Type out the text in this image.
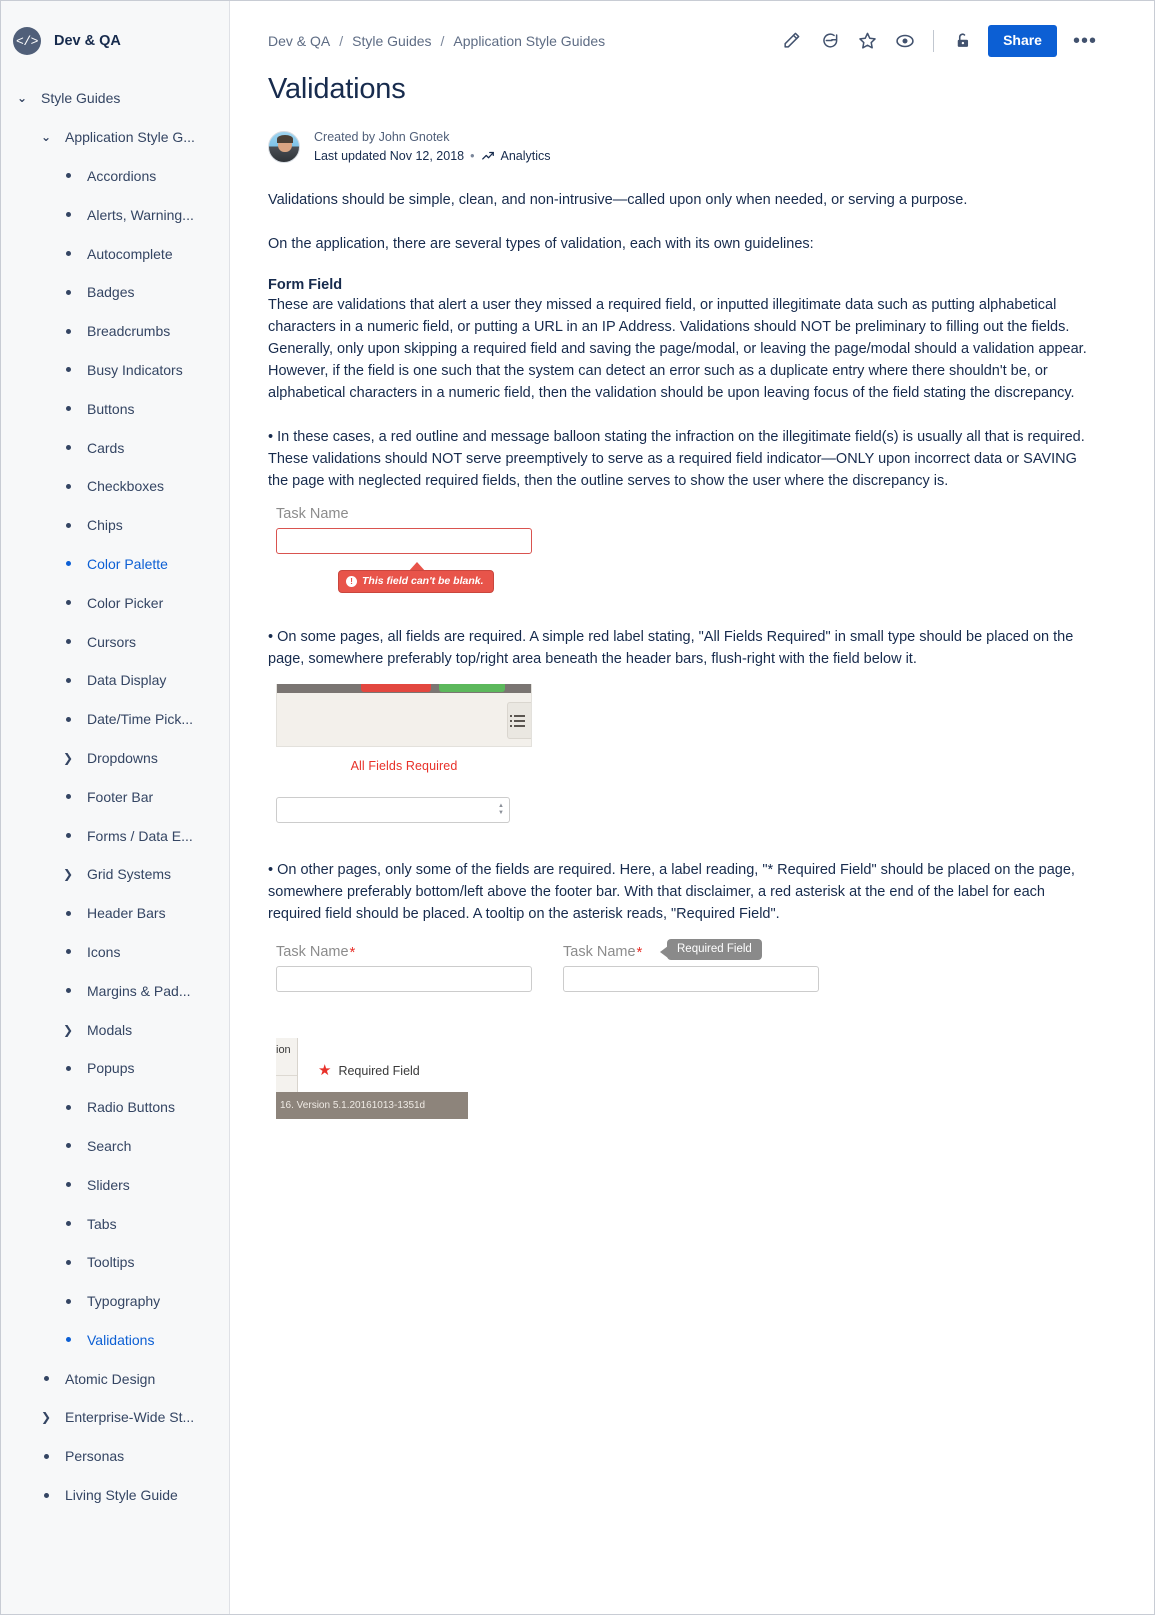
</> Dev & QA
⌄ Style Guides
⌄ Application Style G...
Accordions
Alerts, Warning...
Autocomplete
Badges
Breadcrumbs
Busy Indicators
Buttons
Cards
Checkboxes
Chips
Color Palette
Color Picker
Cursors
Data Display
Date/Time Pick...
❯ Dropdowns
Footer Bar
Forms / Data E...
❯ Grid Systems
Header Bars
Icons
Margins & Pad...
❯ Modals
Popups
Radio Buttons
Search
Sliders
Tabs
Tooltips
Typography
Validations
Atomic Design
❯ Enterprise-Wide St...
Personas
Living Style Guide
Dev & QA / Style Guides / Application Style Guides	Share	•••
Validations
Created by John Gnotek
Last updated Nov 12, 2018 • Analytics

Validations should be simple, clean, and non-intrusive—called upon only when needed, or serving a purpose.

On the application, there are several types of validation, each with its own guidelines:

Form Field

These are validations that alert a user they missed a required field, or inputted illegitimate data such as putting alphabetical characters in a numeric field, or putting a URL in an IP Address. Validations should NOT be preliminary to filling out the fields. Generally, only upon skipping a required field and saving the page/modal, or leaving the page/modal should a validation appear. However, if the field is one such that the system can detect an error such as a duplicate entry where there shouldn't be, or alphabetical characters in a numeric field, then the validation should be upon leaving focus of the field stating the discrepancy.

• In these cases, a red outline and message balloon stating the infraction on the illegitimate field(s) is usually all that is required. These validations should NOT serve preemptively to serve as a required field indicator—ONLY upon incorrect data or SAVING the page with neglected required fields, then the outline serves to show the user where the discrepancy is.

Task Name
! This field can't be blank.

• On some pages, all fields are required. A simple red label stating, "All Fields Required" in small type should be placed on the page, somewhere preferably top/right area beneath the header bars, flush-right with the field below it.

All Fields Required
▲
▼

• On other pages, only some of the fields are required. Here, a label reading, "* Required Field" should be placed on the page, somewhere preferably bottom/left above the footer bar. With that disclaimer, a red asterisk at the end of the label for each required field should be placed. A tooltip on the asterisk reads, "Required Field".

Task Name *	Task Name *	Required Field
ion
★ Required Field
16. Version 5.1.20161013-1351d
